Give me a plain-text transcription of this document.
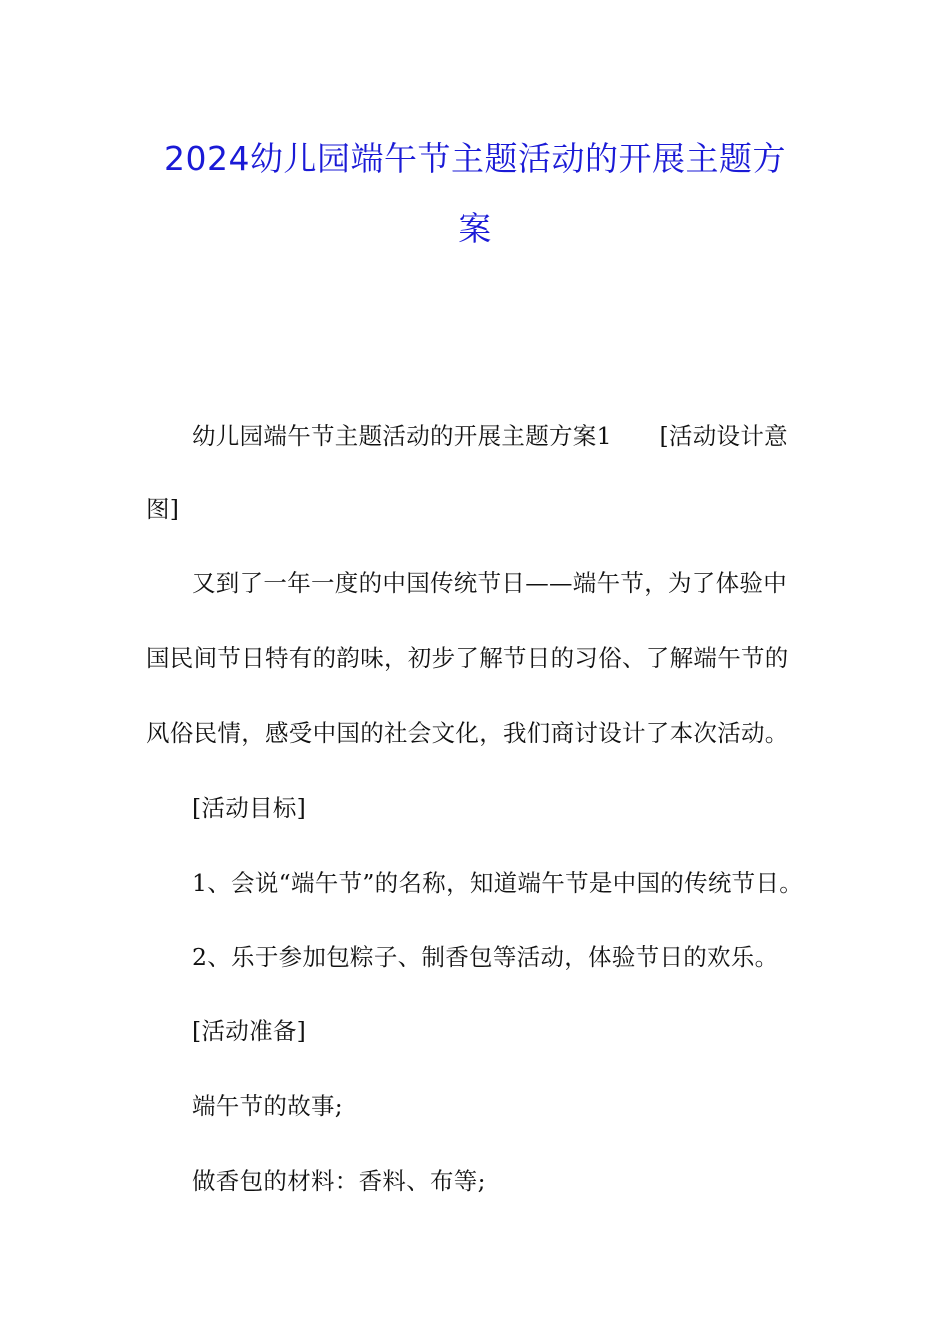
2024幼儿园端午节主题活动的开展主题方
案
幼儿园端午节主题活动的开展主题方案1　　[活动设计意
图]
又到了一年一度的中国传统节日——端午节，为了体验中
国民间节日特有的韵味，初步了解节日的习俗、了解端午节的
风俗民情，感受中国的社会文化，我们商讨设计了本次活动。
[活动目标]
1、会说“端午节”的名称，知道端午节是中国的传统节日。
2、乐于参加包粽子、制香包等活动，体验节日的欢乐。
[活动准备]
端午节的故事;
做香包的材料：香料、布等;
